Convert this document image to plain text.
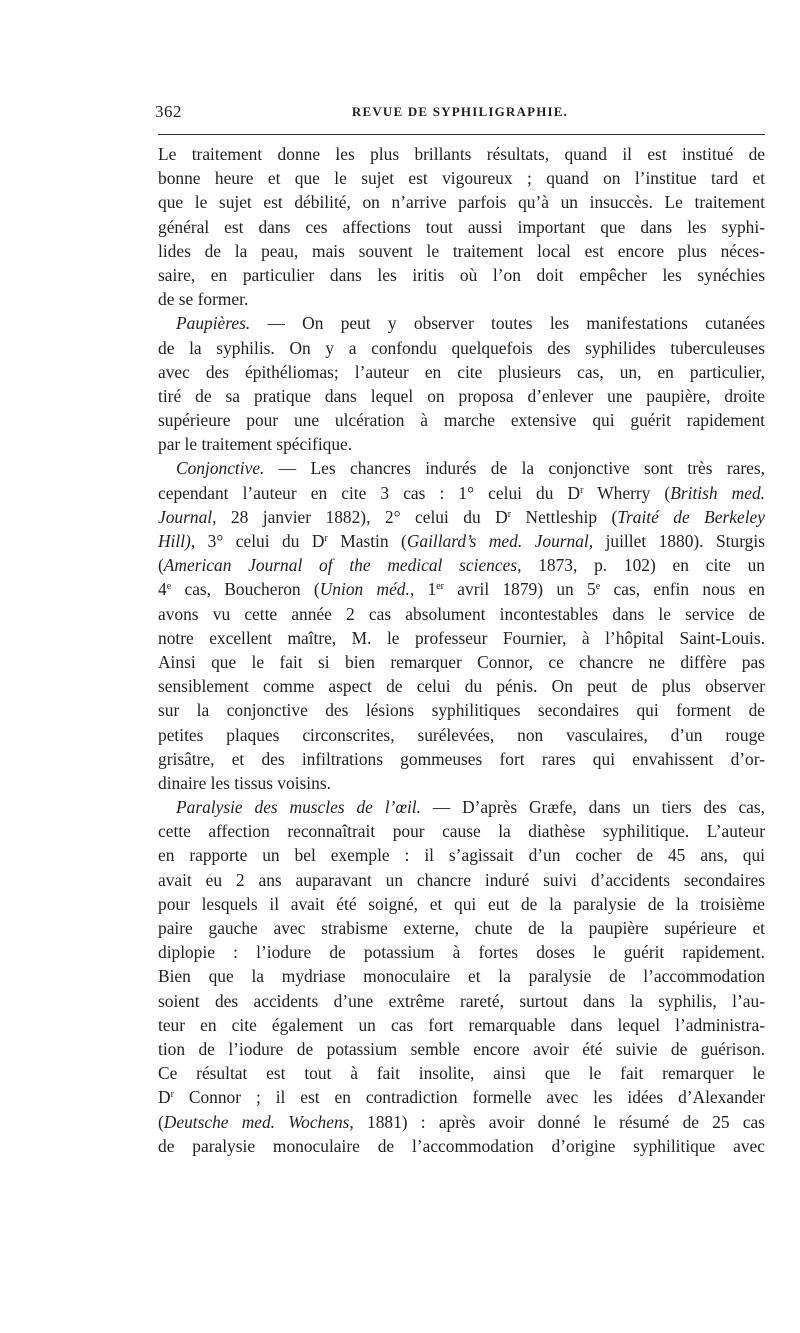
362	REVUE DE SYPHILIGRAPHIE.
Le traitement donne les plus brillants résultats, quand il est institué de
bonne heure et que le sujet est vigoureux ; quand on l’institue tard et
que le sujet est débilité, on n’arrive parfois qu’à un insuccès. Le traitement
général est dans ces affections tout aussi important que dans les syphi-
lides de la peau, mais souvent le traitement local est encore plus néces-
saire, en particulier dans les iritis où l’on doit empêcher les synéchies
de se former.
Paupières. — On peut y observer toutes les manifestations cutanées
de la syphilis. On y a confondu quelquefois des syphilides tuberculeuses
avec des épithéliomas; l’auteur en cite plusieurs cas, un, en particulier,
tiré de sa pratique dans lequel on proposa d’enlever une paupière, droite
supérieure pour une ulcération à marche extensive qui guérit rapidement
par le traitement spécifique.
Conjonctive. — Les chancres indurés de la conjonctive sont très rares,
cependant l’auteur en cite 3 cas : 1° celui du $D^r$ Wherry (British med.
Journal, 28 janvier 1882), 2° celui du $D^r$ Nettleship (Traité de Berkeley
Hill), 3° celui du $D^r$ Mastin (Gaillard’s med. Journal, juillet 1880). Sturgis
(American Journal of the medical sciences, 1873, p. 102) en cite un
4e cas, Boucheron (Union méd., 1er avril 1879) un 5e cas, enfin nous en
avons vu cette année 2 cas absolument incontestables dans le service de
notre excellent maître, M. le professeur Fournier, à l’hôpital Saint-Louis.
Ainsi que le fait si bien remarquer Connor, ce chancre ne diffère pas
sensiblement comme aspect de celui du pénis. On peut de plus observer
sur la conjonctive des lésions syphilitiques secondaires qui forment de
petites plaques circonscrites, surélevées, non vasculaires, d’un rouge
grisâtre, et des infiltrations gommeuses fort rares qui envahissent d’or-
dinaire les tissus voisins.
Paralysie des muscles de l’œil. — D’après Græfe, dans un tiers des cas,
cette affection reconnaîtrait pour cause la diathèse syphilitique. L’auteur
en rapporte un bel exemple : il s’agissait d’un cocher de 45 ans, qui
avait eu 2 ans auparavant un chancre induré suivi d’accidents secondaires
pour lesquels il avait été soigné, et qui eut de la paralysie de la troisième
paire gauche avec strabisme externe, chute de la paupière supérieure et
diplopie : l’iodure de potassium à fortes doses le guérit rapidement.
Bien que la mydriase monoculaire et la paralysie de l’accommodation
soient des accidents d’une extrême rareté, surtout dans la syphilis, l’au-
teur en cite également un cas fort remarquable dans lequel l’administra-
tion de l’iodure de potassium semble encore avoir été suivie de guérison.
Ce résultat est tout à fait insolite, ainsi que le fait remarquer le
$D^r$ Connor ; il est en contradiction formelle avec les idées d’Alexander
(Deutsche med. Wochens, 1881) : après avoir donné le résumé de 25 cas
de paralysie monoculaire de l’accommodation d’origine syphilitique avec
